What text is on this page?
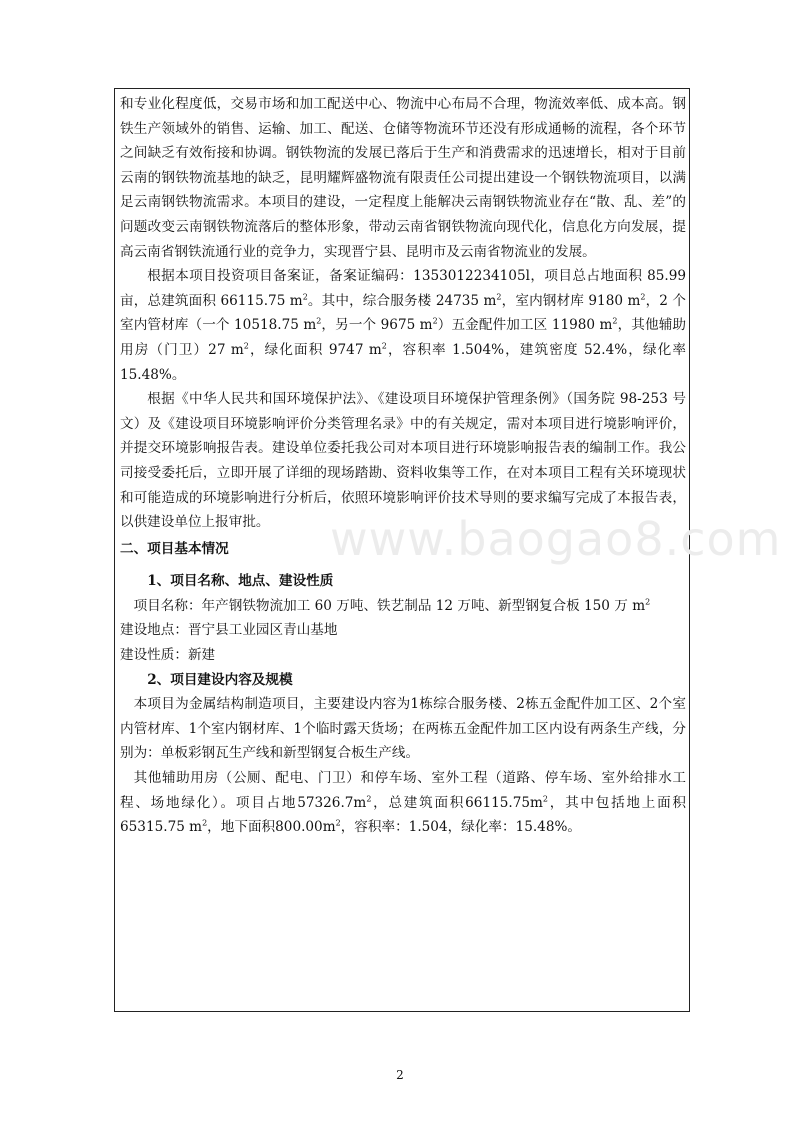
和专业化程度低，交易市场和加工配送中心、物流中心布局不合理，物流效率低、成本高。钢铁生产领域外的销售、运输、加工、配送、仓储等物流环节还没有形成通畅的流程，各个环节之间缺乏有效衔接和协调。钢铁物流的发展已落后于生产和消费需求的迅速增长，相对于目前云南的钢铁物流基地的缺乏，昆明耀辉盛物流有限责任公司提出建设一个钢铁物流项目，以满足云南钢铁物流需求。本项目的建设，一定程度上能解决云南钢铁物流业存在“散、乱、差”的问题改变云南钢铁物流落后的整体形象，带动云南省钢铁物流向现代化，信息化方向发展，提高云南省钢铁流通行业的竞争力，实现晋宁县、昆明市及云南省物流业的发展。

根据本项目投资项目备案证，备案证编码：1353012234105l，项目总占地面积 85.99 亩，总建筑面积 66115.75 $m^2$。其中，综合服务楼 24735 $m^2$，室内钢材库 9180 $m^2$，2 个室内管材库（一个 10518.75 $m^2$，另一个 9675 $m^2$）五金配件加工区 11980 $m^2$，其他辅助用房（门卫）27 $m^2$，绿化面积 9747 $m^2$，容积率 1.504%，建筑密度 52.4%，绿化率 15.48%。

根据《中华人民共和国环境保护法》、《建设项目环境保护管理条例》（国务院 98-253 号文）及《建设项目环境影响评价分类管理名录》中的有关规定，需对本项目进行境影响评价，并提交环境影响报告表。建设单位委托我公司对本项目进行环境影响报告表的编制工作。我公司接受委托后，立即开展了详细的现场踏勘、资料收集等工作，在对本项目工程有关环境现状和可能造成的环境影响进行分析后，依照环境影响评价技术导则的要求编写完成了本报告表，以供建设单位上报审批。

二、项目基本情况

1、项目名称、地点、建设性质

项目名称：年产钢铁物流加工 60 万吨、铁艺制品 12 万吨、新型钢复合板 150 万 $m^2$

建设地点：晋宁县工业园区青山基地

建设性质：新建

2、项目建设内容及规模

本项目为金属结构制造项目，主要建设内容为1栋综合服务楼、2栋五金配件加工区、2个室内管材库、1个室内钢材库、1个临时露天货场；在两栋五金配件加工区内设有两条生产线，分别为：单板彩钢瓦生产线和新型钢复合板生产线。

其他辅助用房（公厕、配电、门卫）和停车场、室外工程（道路、停车场、室外给排水工程、场地绿化）。项目占地$57326.7m^2$，总建筑面积$66115.75m^2$，其中包括地上面积65315.75 $m^2$，地下面积$800.00m^2$，容积率：1.504，绿化率：15.48%。

www.baogao8.com
2
